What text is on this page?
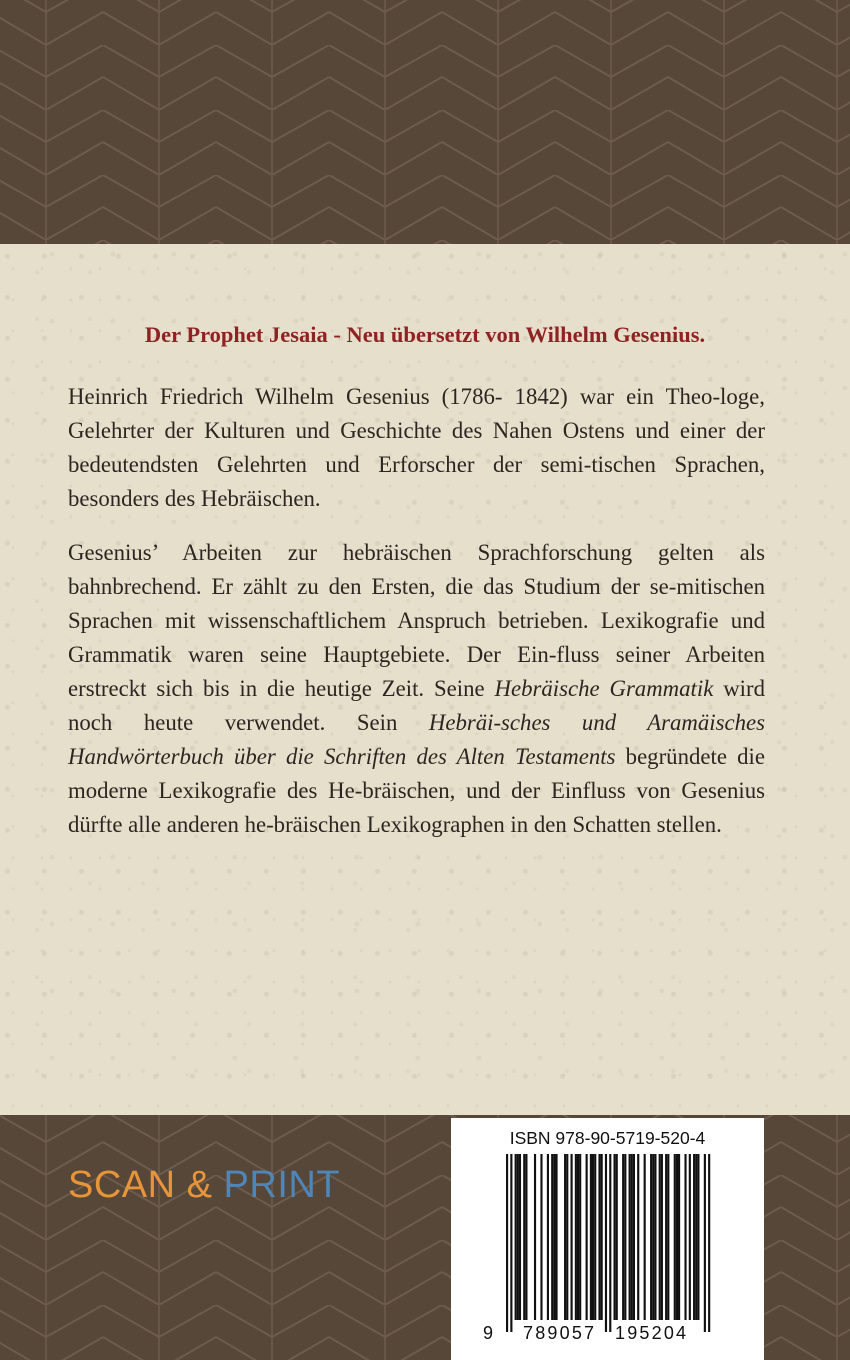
Der Prophet Jesaia - Neu übersetzt von Wilhelm Gesenius.

Heinrich Friedrich Wilhelm Gesenius (1786- 1842) war ein Theo-loge, Gelehrter der Kulturen und Geschichte des Nahen Ostens und einer der bedeutendsten Gelehrten und Erforscher der semi-tischen Sprachen, besonders des Hebräischen.

Gesenius’ Arbeiten zur hebräischen Sprachforschung gelten als bahnbrechend. Er zählt zu den Ersten, die das Studium der se-mitischen Sprachen mit wissenschaftlichem Anspruch betrieben. Lexikografie und Grammatik waren seine Hauptgebiete. Der Ein-fluss seiner Arbeiten erstreckt sich bis in die heutige Zeit. Seine Hebräische Grammatik wird noch heute verwendet. Sein Hebräi-sches und Aramäisches Handwörterbuch über die Schriften des Alten Testaments begründete die moderne Lexikografie des He-bräischen, und der Einfluss von Gesenius dürfte alle anderen he-bräischen Lexikographen in den Schatten stellen.

SCAN & PRINT
ISBN 978-90-5719-520-4
9 789057 195204
